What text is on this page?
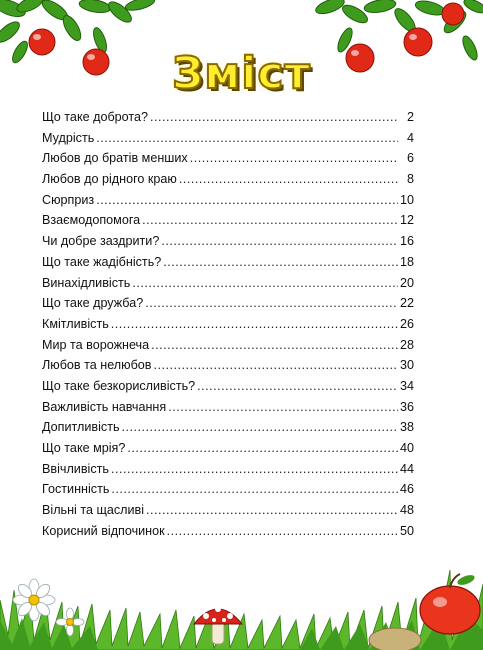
Зміст
Що таке доброта? .....	2
Мудрість .....	4
Любов до братів менших .....	6
Любов до рідного краю .....	8
Сюрприз .....	10
Взаємодопомога .....	12
Чи добре заздрити? .....	16
Що таке жадібність? .....	18
Винахідливість .....	20
Що таке дружба? .....	22
Кмітливість .....	26
Мир та ворожнеча .....	28
Любов та нелюбов .....	30
Що таке безкорисливість? .....	34
Важливість навчання .....	36
Допитливість .....	38
Що таке мрія? .....	40
Ввічливість .....	44
Гостинність .....	46
Вільні та щасливі .....	48
Корисний відпочинок .....	50
